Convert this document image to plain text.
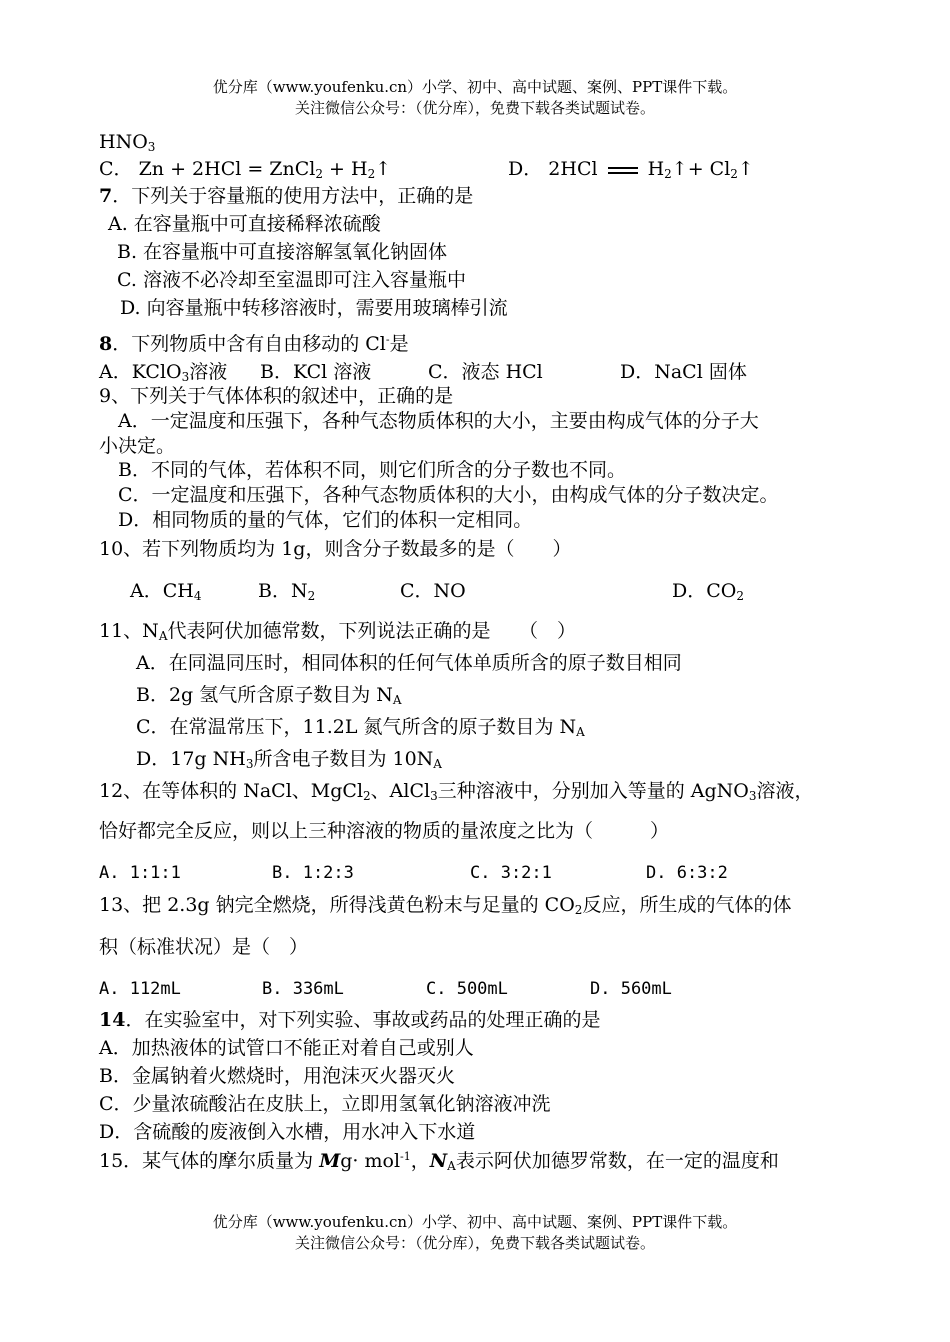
优分库（www.youfenku.cn）小学、初中、高中试题、案例、PPT课件下载。
关注微信公众号：（优分库），免费下载各类试题试卷。
$HNO_3$
C． Zn + 2HCl = ZnCl$_2$ + $H_2↑$	D． 2HCl	$H_2↑+$ $Cl_2↑$
7．下列关于容量瓶的使用方法中，正确的是
A. 在容量瓶中可直接稀释浓硫酸
B. 在容量瓶中可直接溶解氢氧化钠固体
C. 溶液不必冷却至室温即可注入容量瓶中
D. 向容量瓶中转移溶液时，需要用玻璃棒引流
8．下列物质中含有自由移动的 Cl-是
A．KClO$_3$溶液 B．KCl 溶液	C．液态 HCl	D．NaCl 固体
9、下列关于气体体积的叙述中，正确的是
A．一定温度和压强下，各种气态物质体积的大小，主要由构成气体的分子大
小决定。
B．不同的气体，若体积不同，则它们所含的分子数也不同。
C．一定温度和压强下，各种气态物质体积的大小，由构成气体的分子数决定。
D．相同物质的量的气体，它们的体积一定相同。
10、若下列物质均为 1g，则含分子数最多的是（　　）
A．$CH_4$	B．$N_2$	C．NO	D．$CO_2$
11、$N_A$代表阿伏加德常数，下列说法正确的是　　（　）
A．在同温同压时，相同体积的任何气体单质所含的原子数目相同
B．2g 氢气所含原子数目为 $N_A$
C．在常温常压下，11.2L 氮气所含的原子数目为 $N_A$
D．17g $NH_3$所含电子数目为 $10N_A$
12、在等体积的 NaCl、MgCl$_2$、AlCl$_3$三种溶液中，分别加入等量的 AgNO$_3$溶液，
恰好都完全反应，则以上三种溶液的物质的量浓度之比为（　　　）
A. 1:1:1	B. 1:2:3	C. 3:2:1	D. 6:3:2
13、把 2.3g 钠完全燃烧，所得浅黄色粉末与足量的 $CO_2$反应，所生成的气体的体
积（标准状况）是（　）
A. 112mL	B. 336mL	C. 500mL	D. 560mL
14．在实验室中，对下列实验、事故或药品的处理正确的是
A．加热液体的试管口不能正对着自己或别人
B．金属钠着火燃烧时，用泡沫灭火器灭火
C．少量浓硫酸沾在皮肤上，立即用氢氧化钠溶液冲洗
D．含硫酸的废液倒入水槽，用水冲入下水道
15．某气体的摩尔质量为 Mg· mol$^{-1}$，$N_A$表示阿伏加德罗常数，在一定的温度和
优分库（www.youfenku.cn）小学、初中、高中试题、案例、PPT课件下载。
关注微信公众号：（优分库），免费下载各类试题试卷。
